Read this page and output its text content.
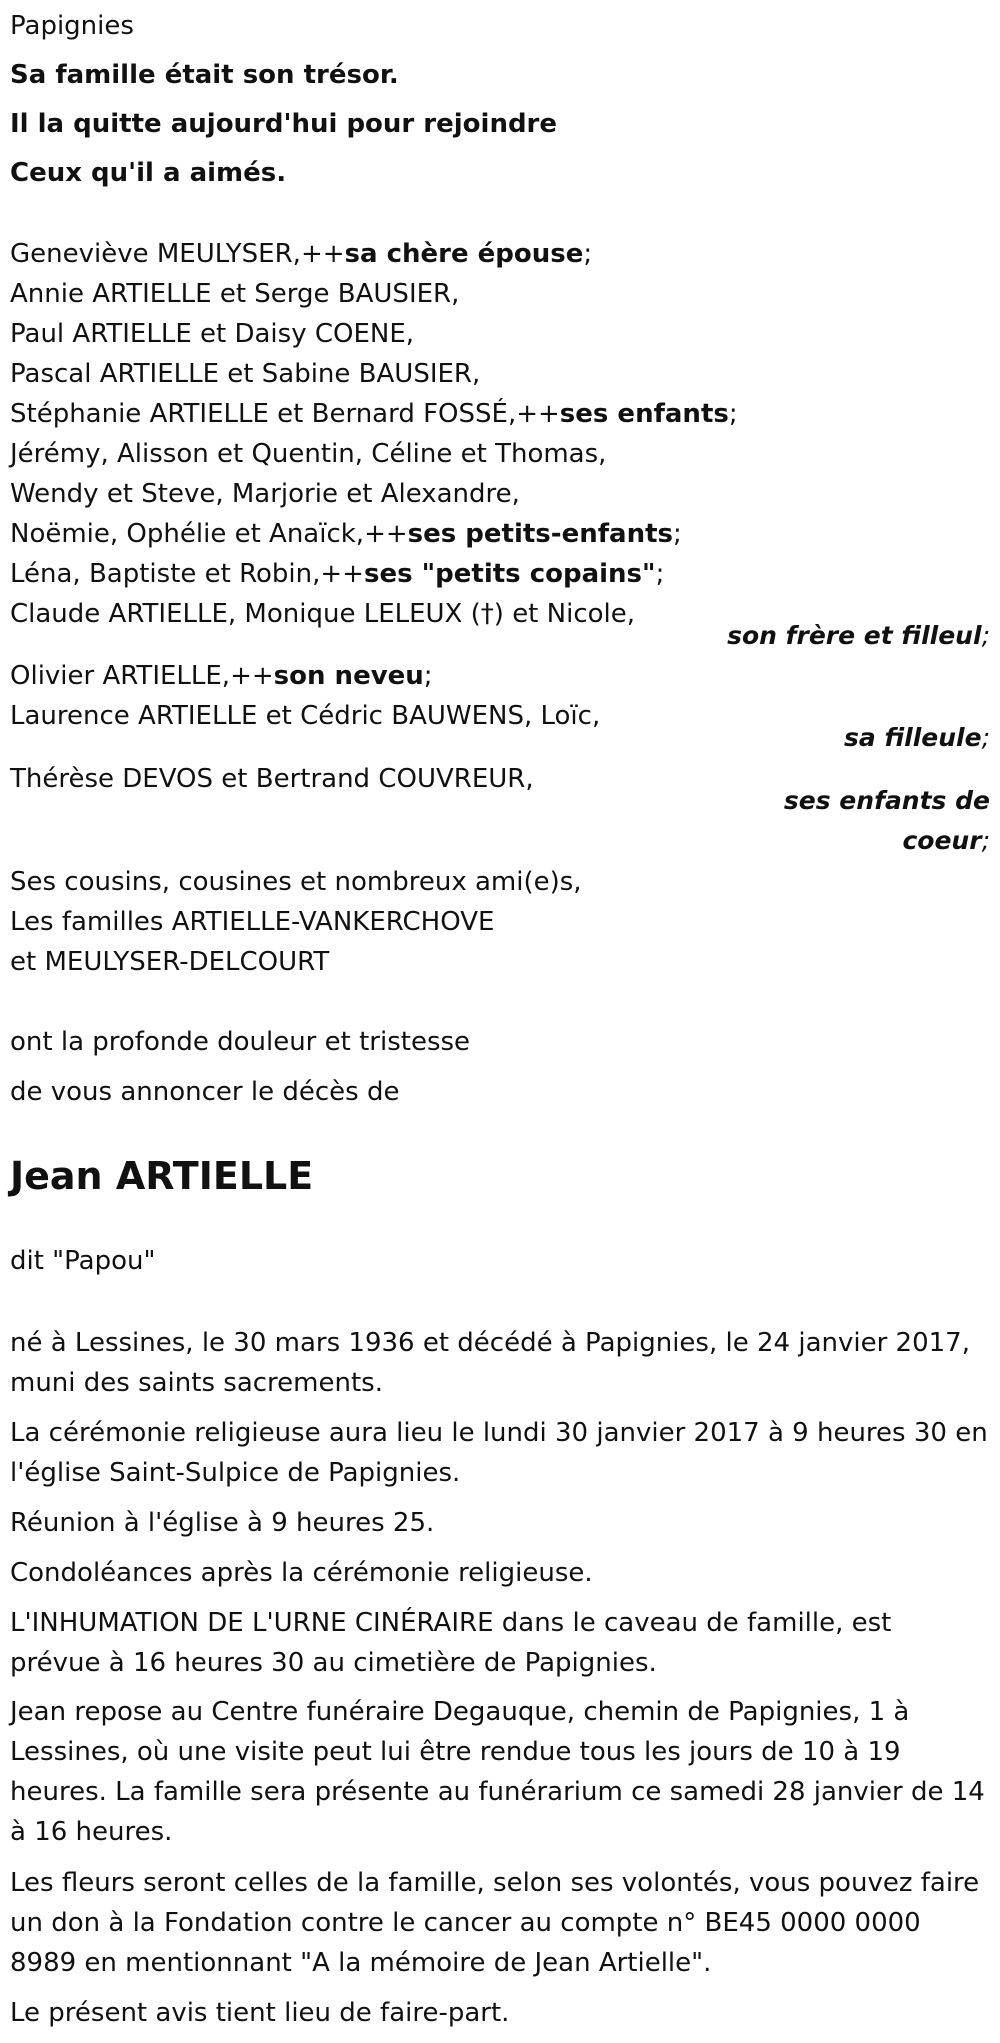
Papignies
Sa famille était son trésor.
Il la quitte aujourd'hui pour rejoindre
Ceux qu'il a aimés.
Geneviève MEULYSER,++sa chère épouse;
Annie ARTIELLE et Serge BAUSIER,
Paul ARTIELLE et Daisy COENE,
Pascal ARTIELLE et Sabine BAUSIER,
Stéphanie ARTIELLE et Bernard FOSSÉ,++ses enfants;
Jérémy, Alisson et Quentin, Céline et Thomas,
Wendy et Steve, Marjorie et Alexandre,
Noëmie, Ophélie et Anaïck,++ses petits-enfants;
Léna, Baptiste et Robin,++ses "petits copains";
Claude ARTIELLE, Monique LELEUX (†) et Nicole,
son frère et filleul;
Olivier ARTIELLE,++son neveu;
Laurence ARTIELLE et Cédric BAUWENS, Loïc,
sa filleule;
Thérèse DEVOS et Bertrand COUVREUR,
ses enfants de
coeur;
Ses cousins, cousines et nombreux ami(e)s,
Les familles ARTIELLE-VANKERCHOVE
et MEULYSER-DELCOURT
ont la profonde douleur et tristesse
de vous annoncer le décès de
Jean ARTIELLE
dit "Papou"
né à Lessines, le 30 mars 1936 et décédé à Papignies, le 24 janvier 2017, muni des saints sacrements.
La cérémonie religieuse aura lieu le lundi 30 janvier 2017 à 9 heures 30 en l'église Saint-Sulpice de Papignies.
Réunion à l'église à 9 heures 25.
Condoléances après la cérémonie religieuse.
L'INHUMATION DE L'URNE CINÉRAIRE dans le caveau de famille, est prévue à 16 heures 30 au cimetière de Papignies.
Jean repose au Centre funéraire Degauque, chemin de Papignies, 1 à Lessines, où une visite peut lui être rendue tous les jours de 10 à 19 heures. La famille sera présente au funérarium ce samedi 28 janvier de 14 à 16 heures.
Les fleurs seront celles de la famille, selon ses volontés, vous pouvez faire un don à la Fondation contre le cancer au compte n° BE45 0000 0000 8989 en mentionnant "A la mémoire de Jean Artielle".
Le présent avis tient lieu de faire-part.
